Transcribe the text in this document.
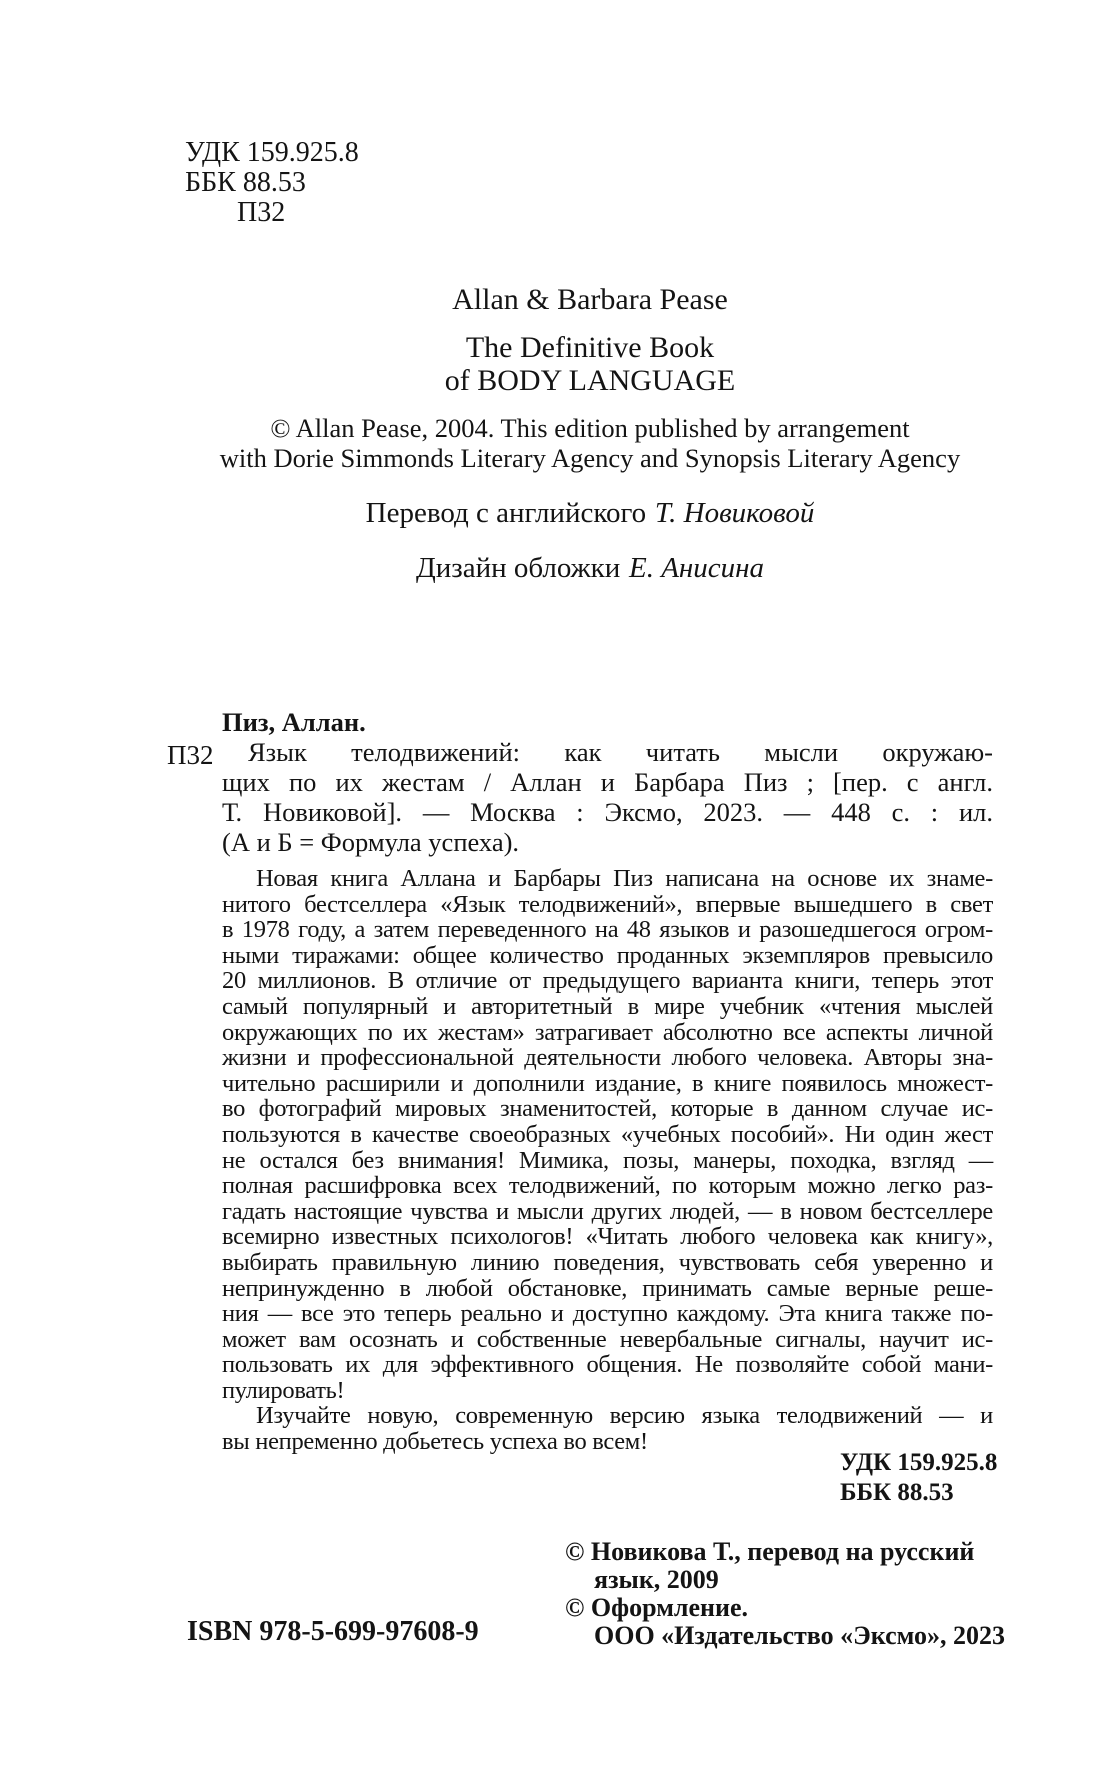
УДК 159.925.8
ББК 88.53
П32
Allan & Barbara Pease
The Definitive Book
of BODY LANGUAGE
© Allan Pease, 2004. This edition published by arrangement
with Dorie Simmonds Literary Agency and Synopsis Literary Agency
Перевод с английского Т. Новиковой
Дизайн обложки Е. Анисина
П32
Пиз, Аллан.
Язык телодвижений: как читать мысли окружаю-
щих по их жестам / Аллан и Барбара Пиз ; [пер. с англ.
Т. Новиковой]. — Москва : Эксмо, 2023. — 448 с. : ил.
(А и Б = Формула успеха).
Новая книга Аллана и Барбары Пиз написана на основе их знаме-
нитого бестселлера «Язык телодвижений», впервые вышедшего в свет
в 1978 году, а затем переведенного на 48 языков и разошедшегося огром-
ными тиражами: общее количество проданных экземпляров превысило
20 миллионов. В отличие от предыдущего варианта книги, теперь этот
самый популярный и авторитетный в мире учебник «чтения мыслей
окружающих по их жестам» затрагивает абсолютно все аспекты личной
жизни и профессиональной деятельности любого человека. Авторы зна-
чительно расширили и дополнили издание, в книге появилось множест-
во фотографий мировых знаменитостей, которые в данном случае ис-
пользуются в качестве своеобразных «учебных пособий». Ни один жест
не остался без внимания! Мимика, позы, манеры, походка, взгляд —
полная расшифровка всех телодвижений, по которым можно легко раз-
гадать настоящие чувства и мысли других людей, — в новом бестселлере
всемирно известных психологов! «Читать любого человека как книгу»,
выбирать правильную линию поведения, чувствовать себя уверенно и
непринужденно в любой обстановке, принимать самые верные реше-
ния — все это теперь реально и доступно каждому. Эта книга также по-
может вам осознать и собственные невербальные сигналы, научит ис-
пользовать их для эффективного общения. Не позволяйте собой мани-
пулировать!
Изучайте новую, современную версию языка телодвижений — и
вы непременно добьетесь успеха во всем!
УДК 159.925.8
ББК 88.53
© Новикова Т., перевод на русский
язык, 2009
© Оформление.
ООО «Издательство «Эксмо», 2023
ISBN 978-5-699-97608-9
